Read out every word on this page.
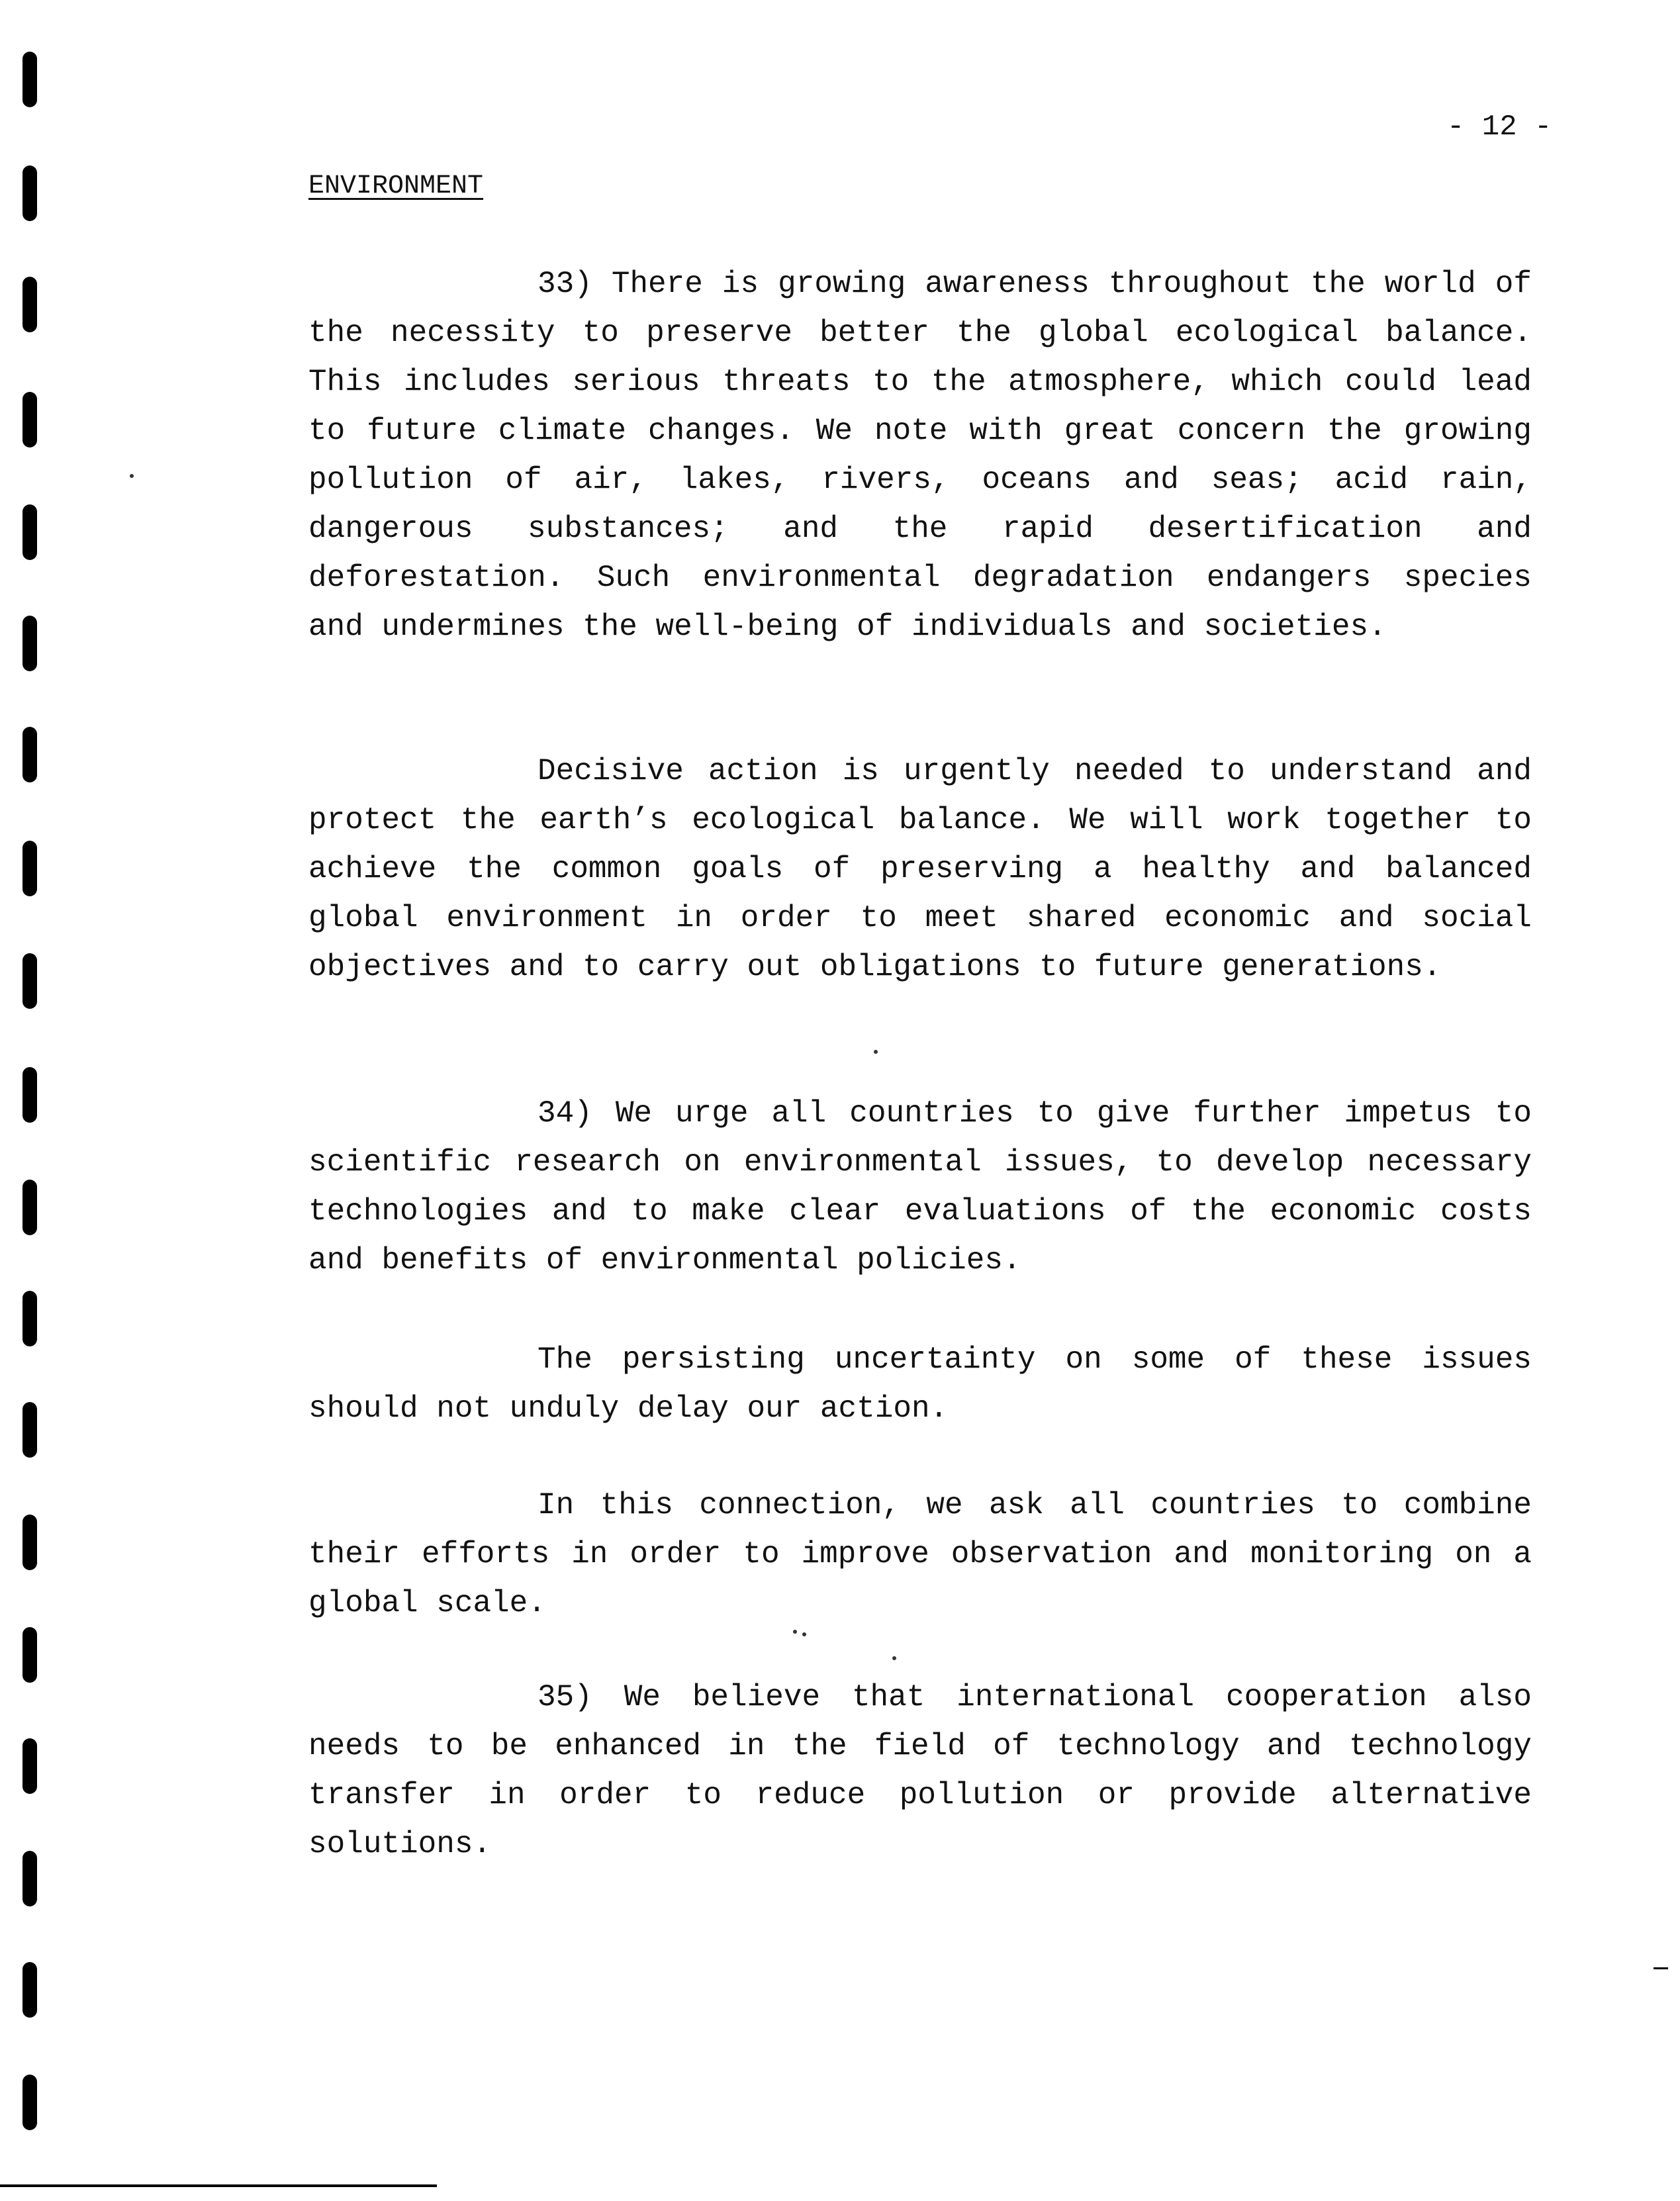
- 12 -
ENVIRONMENT

33) There is growing awareness throughout the world of the necessity to preserve better the global ecological balance. This includes serious threats to the atmosphere, which could lead to future climate changes. We note with great concern the growing pollution of air, lakes, rivers, oceans and seas; acid rain, dangerous substances; and the rapid desertification and deforestation. Such environmental degradation endangers species and undermines the well-being of individuals and societies.

Decisive action is urgently needed to understand and protect the earth’s ecological balance. We will work together to achieve the common goals of preserving a healthy and balanced global environment in order to meet shared economic and social objectives and to carry out obligations to future generations.

34) We urge all countries to give further impetus to scientific research on environmental issues, to develop necessary technologies and to make clear evaluations of the economic costs and benefits of environmental policies.

The persisting uncertainty on some of these issues should not unduly delay our action.

In this connection, we ask all countries to combine their efforts in order to improve observation and monitoring on a global scale.

35) We believe that international cooperation also needs to be enhanced in the field of technology and technology transfer in order to reduce pollution or provide alternative solutions.
